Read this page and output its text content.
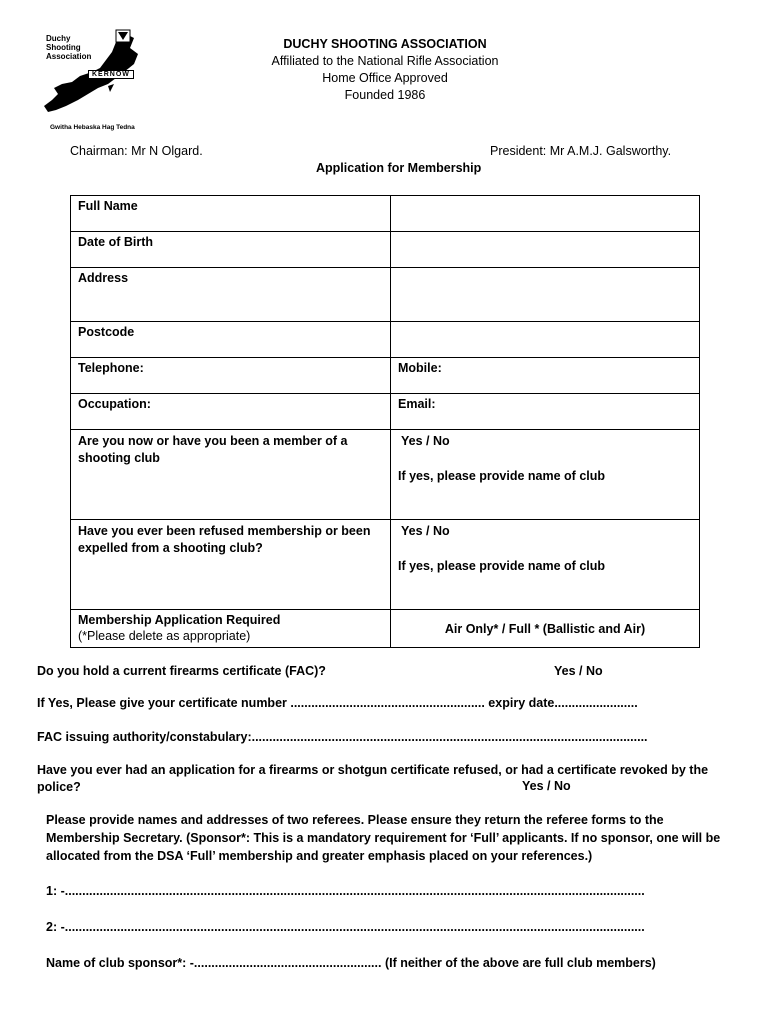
Duchy
Shooting
Association
KERNOW
Gwitha Hebaska Hag Tedna
DUCHY SHOOTING ASSOCIATION
Affiliated to the National Rifle Association
Home Office Approved
Founded 1986
Chairman: Mr N Olgard.	President: Mr A.M.J. Galsworthy.
Application for Membership
Full Name	
Date of Birth	
Address	
Postcode	
Telephone:	Mobile:
Occupation:	Email:
Are you now or have you been a member of a shooting club	Yes / No
If yes, please provide name of club

Have you ever been refused membership or been expelled from a shooting club?	Yes / No
If yes, please provide name of club

Membership Application Required
(*Please delete as appropriate)	Air Only* / Full * (Ballistic and Air)
Do you hold a current firearms certificate (FAC)?	Yes / No
If Yes, Please give your certificate number ........................................................ expiry date........................
FAC issuing authority/constabulary:..................................................................................................................
Have you ever had an application for a firearms or shotgun certificate refused, or had a certificate revoked by the police?	Yes / No
Please provide names and addresses of two referees. Please ensure they return the referee forms to the Membership Secretary. (Sponsor*: This is a mandatory requirement for ‘Full’ applicants. If no sponsor, one will be allocated from the DSA ‘Full’ membership and greater emphasis placed on your references.)
1: -.......................................................................................................................................................................
2: -.......................................................................................................................................................................
Name of club sponsor*: -...................................................... (If neither of the above are full club members)
